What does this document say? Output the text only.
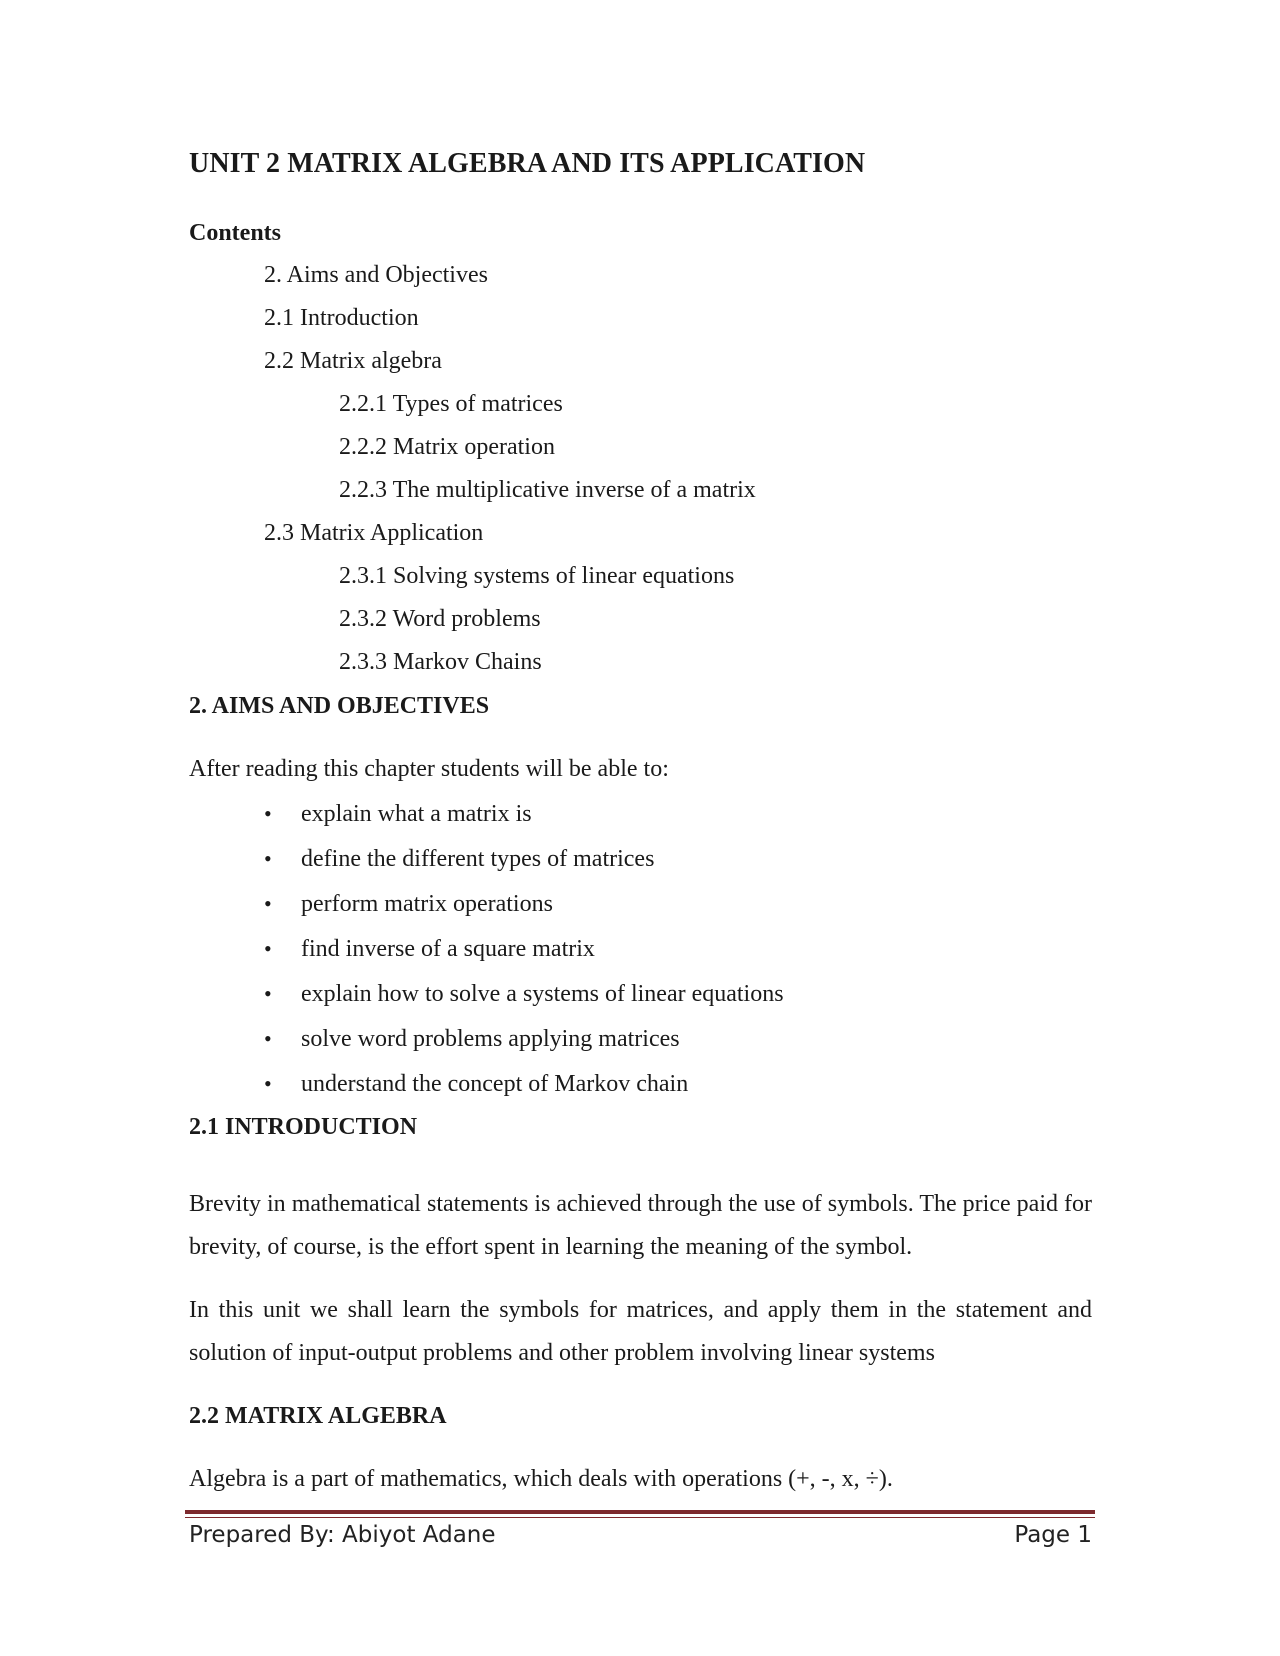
UNIT 2 MATRIX ALGEBRA AND ITS APPLICATION
Contents
2. Aims and Objectives
2.1 Introduction
2.2 Matrix algebra
2.2.1 Types of matrices
2.2.2 Matrix operation
2.2.3 The multiplicative inverse of a matrix
2.3 Matrix Application
2.3.1 Solving systems of linear equations
2.3.2 Word problems
2.3.3 Markov Chains
2. AIMS AND OBJECTIVES
After reading this chapter students will be able to:
• explain what a matrix is
• define the different types of matrices
• perform matrix operations
• find inverse of a square matrix
• explain how to solve a systems of linear equations
• solve word problems applying matrices
• understand the concept of Markov chain
2.1 INTRODUCTION
Brevity in mathematical statements is achieved through the use of symbols. The price paid for brevity, of course, is the effort spent in learning the meaning of the symbol.
In this unit we shall learn the symbols for matrices, and apply them in the statement and solution of input-output problems and other problem involving linear systems
2.2 MATRIX ALGEBRA
Algebra is a part of mathematics, which deals with operations (+, -, x, ÷).
Prepared By: Abiyot Adane	Page 1
